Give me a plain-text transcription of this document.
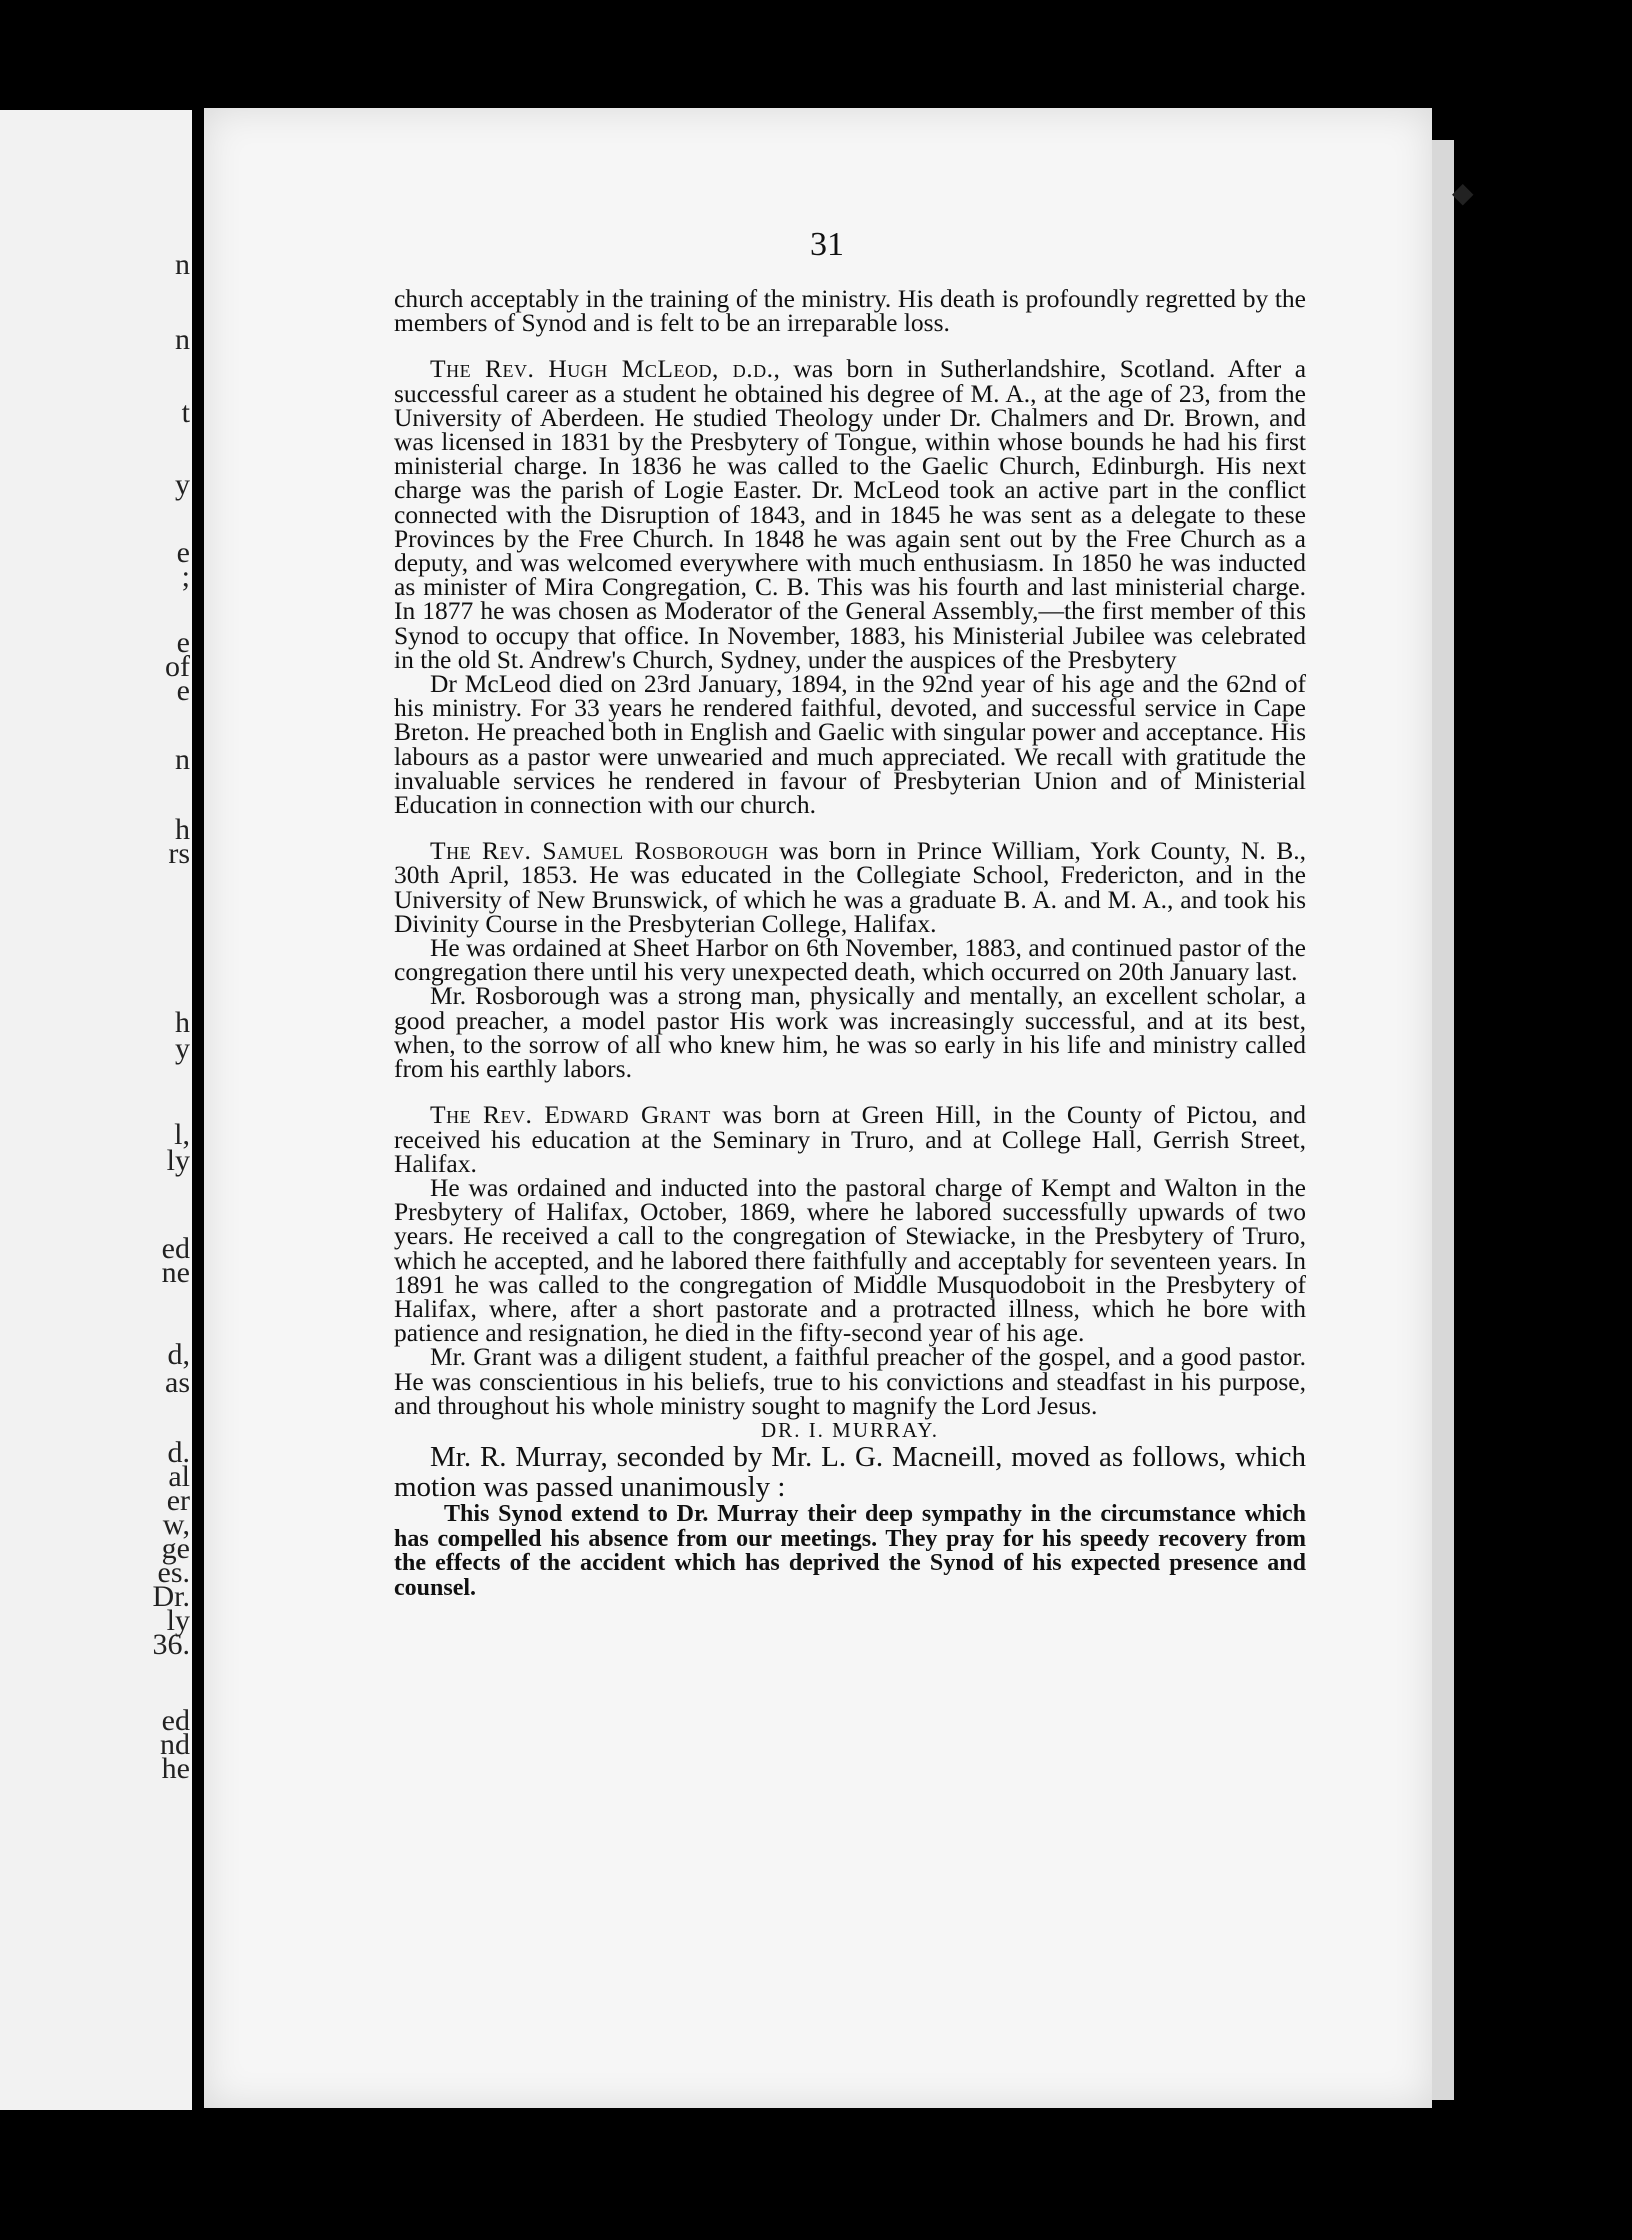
n
n
t
y
e
;
e
of
e
n
h
rs
h
y
l,
ly
ed
ne
d,
as
d.
al
er
w,
ge
es.
Dr.
ly
36.
ed
nd
he
◆
31

church acceptably in the training of the ministry. His death is profoundly regretted by the members of Synod and is felt to be an irreparable loss.

The Rev. Hugh McLeod, d.d., was born in Sutherlandshire, Scotland. After a successful career as a student he obtained his degree of M. A., at the age of 23, from the University of Aberdeen. He studied Theology under Dr. Chalmers and Dr. Brown, and was licensed in 1831 by the Presbytery of Tongue, within whose bounds he had his first ministerial charge. In 1836 he was called to the Gaelic Church, Edinburgh. His next charge was the parish of Logie Easter. Dr. McLeod took an active part in the conflict connected with the Disruption of 1843, and in 1845 he was sent as a delegate to these Provinces by the Free Church. In 1848 he was again sent out by the Free Church as a deputy, and was welcomed everywhere with much enthusiasm. In 1850 he was inducted as minister of Mira Congregation, C. B. This was his fourth and last ministerial charge. In 1877 he was chosen as Moderator of the General Assembly,—the first member of this Synod to occupy that office. In November, 1883, his Ministerial Jubilee was celebrated in the old St. Andrew's Church, Sydney, under the auspices of the Presbytery

Dr McLeod died on 23rd January, 1894, in the 92nd year of his age and the 62nd of his ministry. For 33 years he rendered faithful, devoted, and successful service in Cape Breton. He preached both in English and Gaelic with singular power and acceptance. His labours as a pastor were unwearied and much appreciated. We recall with gratitude the invaluable services he rendered in favour of Presbyterian Union and of Ministerial Education in connection with our church.

The Rev. Samuel Rosborough was born in Prince William, York County, N. B., 30th April, 1853. He was educated in the Collegiate School, Fredericton, and in the University of New Brunswick, of which he was a graduate B. A. and M. A., and took his Divinity Course in the Presbyterian College, Halifax.

He was ordained at Sheet Harbor on 6th November, 1883, and continued pastor of the congregation there until his very unexpected death, which occurred on 20th January last.

Mr. Rosborough was a strong man, physically and mentally, an excellent scholar, a good preacher, a model pastor His work was increasingly successful, and at its best, when, to the sorrow of all who knew him, he was so early in his life and ministry called from his earthly labors.

The Rev. Edward Grant was born at Green Hill, in the County of Pictou, and received his education at the Seminary in Truro, and at College Hall, Gerrish Street, Halifax.

He was ordained and inducted into the pastoral charge of Kempt and Walton in the Presbytery of Halifax, October, 1869, where he labored successfully upwards of two years. He received a call to the congregation of Stewiacke, in the Presbytery of Truro, which he accepted, and he labored there faithfully and acceptably for seventeen years. In 1891 he was called to the congregation of Middle Musquodoboit in the Presbytery of Halifax, where, after a short pastorate and a protracted illness, which he bore with patience and resignation, he died in the fifty-second year of his age.

Mr. Grant was a diligent student, a faithful preacher of the gospel, and a good pastor. He was conscientious in his beliefs, true to his convictions and steadfast in his purpose, and throughout his whole ministry sought to magnify the Lord Jesus.

DR. I. MURRAY.

Mr. R. Murray, seconded by Mr. L. G. Macneill, moved as follows, which motion was passed unanimously :

This Synod extend to Dr. Murray their deep sympathy in the circumstance which has compelled his absence from our meetings. They pray for his speedy recovery from the effects of the accident which has deprived the Synod of his expected presence and counsel.
